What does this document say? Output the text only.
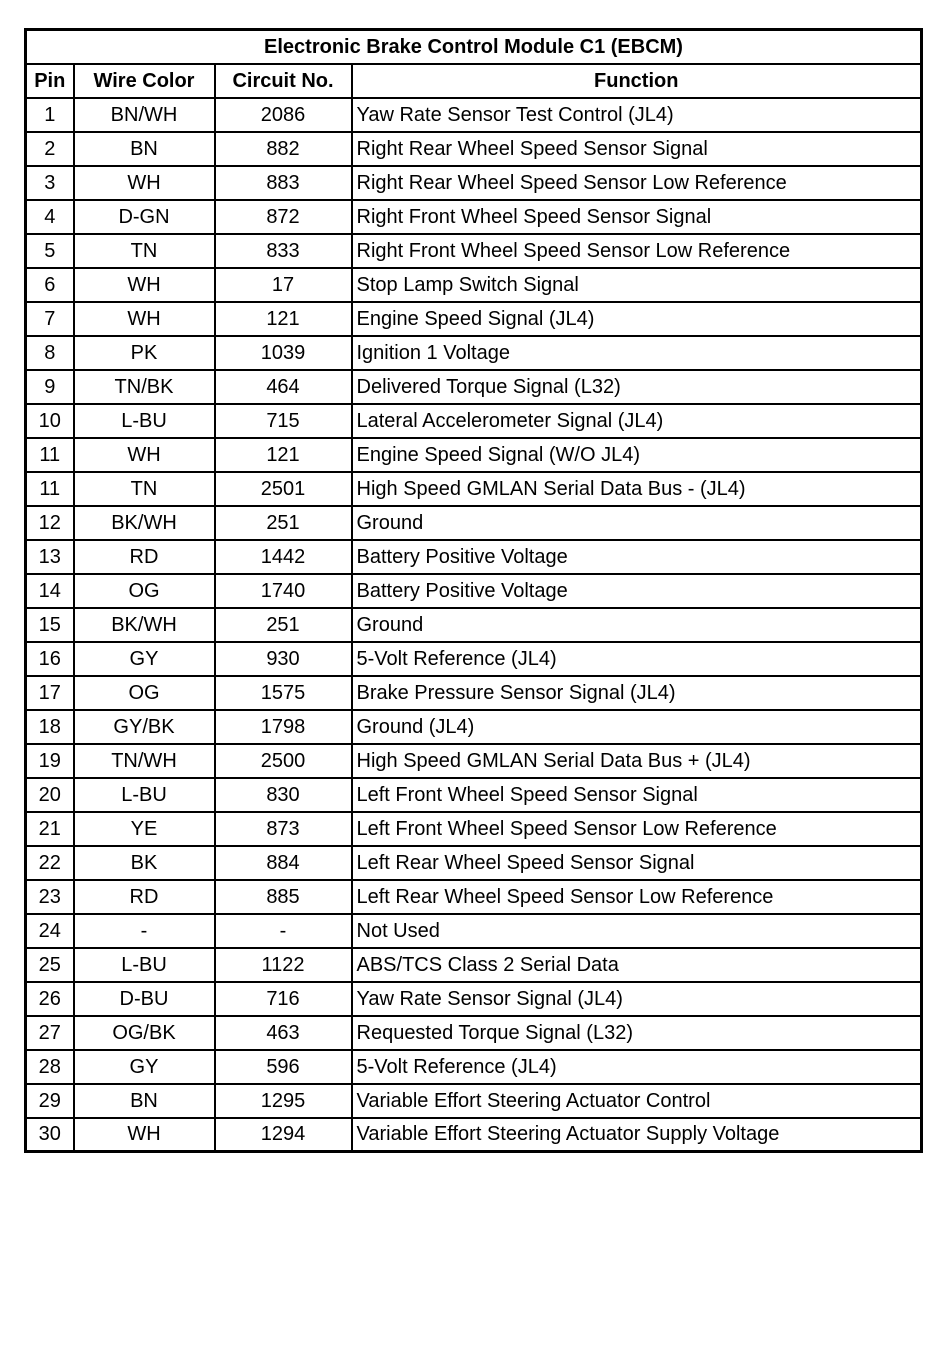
Electronic Brake Control Module C1 (EBCM)			
Pin	Wire Color	Circuit No.	Function
1	BN/WH	2086	Yaw Rate Sensor Test Control (JL4)
2	BN	882	Right Rear Wheel Speed Sensor Signal
3	WH	883	Right Rear Wheel Speed Sensor Low Reference
4	D-GN	872	Right Front Wheel Speed Sensor Signal
5	TN	833	Right Front Wheel Speed Sensor Low Reference
6	WH	17	Stop Lamp Switch Signal
7	WH	121	Engine Speed Signal (JL4)
8	PK	1039	Ignition 1 Voltage
9	TN/BK	464	Delivered Torque Signal (L32)
10	L-BU	715	Lateral Accelerometer Signal (JL4)
11	WH	121	Engine Speed Signal (W/O JL4)
11	TN	2501	High Speed GMLAN Serial Data Bus - (JL4)
12	BK/WH	251	Ground
13	RD	1442	Battery Positive Voltage
14	OG	1740	Battery Positive Voltage
15	BK/WH	251	Ground
16	GY	930	5-Volt Reference (JL4)
17	OG	1575	Brake Pressure Sensor Signal (JL4)
18	GY/BK	1798	Ground (JL4)
19	TN/WH	2500	High Speed GMLAN Serial Data Bus + (JL4)
20	L-BU	830	Left Front Wheel Speed Sensor Signal
21	YE	873	Left Front Wheel Speed Sensor Low Reference
22	BK	884	Left Rear Wheel Speed Sensor Signal
23	RD	885	Left Rear Wheel Speed Sensor Low Reference
24	-	-	Not Used
25	L-BU	1122	ABS/TCS Class 2 Serial Data
26	D-BU	716	Yaw Rate Sensor Signal (JL4)
27	OG/BK	463	Requested Torque Signal (L32)
28	GY	596	5-Volt Reference (JL4)
29	BN	1295	Variable Effort Steering Actuator Control
30	WH	1294	Variable Effort Steering Actuator Supply Voltage
